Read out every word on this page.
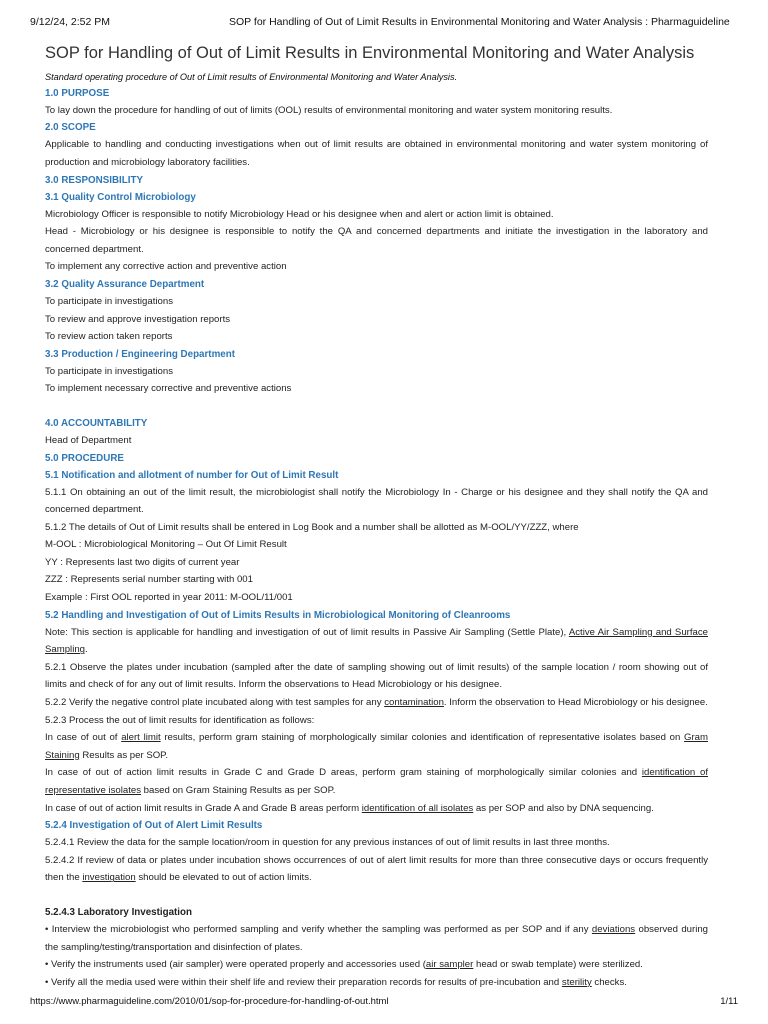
9/12/24, 2:52 PM	SOP for Handling of Out of Limit Results in Environmental Monitoring and Water Analysis : Pharmaguideline
SOP for Handling of Out of Limit Results in Environmental Monitoring and Water Analysis
Standard operating procedure of Out of Limit results of Environmental Monitoring and Water Analysis.
1.0 PURPOSE

To lay down the procedure for handling of out of limits (OOL) results of environmental monitoring and water system monitoring results.

2.0 SCOPE

Applicable to handling and conducting investigations when out of limit results are obtained in environmental monitoring and water system monitoring of production and microbiology laboratory facilities.

3.0 RESPONSIBILITY
3.1 Quality Control Microbiology

Microbiology Officer is responsible to notify Microbiology Head or his designee when and alert or action limit is obtained.

Head - Microbiology or his designee is responsible to notify the QA and concerned departments and initiate the investigation in the laboratory and concerned department.

To implement any corrective action and preventive action

3.2 Quality Assurance Department

To participate in investigations

To review and approve investigation reports

To review action taken reports

3.3 Production / Engineering Department

To participate in investigations

To implement necessary corrective and preventive actions

4.0 ACCOUNTABILITY

Head of Department

5.0 PROCEDURE
5.1 Notification and allotment of number for Out of Limit Result

5.1.1 On obtaining an out of the limit result, the microbiologist shall notify the Microbiology In - Charge or his designee and they shall notify the QA and concerned department.

5.1.2 The details of Out of Limit results shall be entered in Log Book and a number shall be allotted as M-OOL/YY/ZZZ, where

M-OOL : Microbiological Monitoring – Out Of Limit Result

YY : Represents last two digits of current year

ZZZ : Represents serial number starting with 001

Example : First OOL reported in year 2011: M-OOL/11/001

5.2 Handling and Investigation of Out of Limits Results in Microbiological Monitoring of Cleanrooms

Note: This section is applicable for handling and investigation of out of limit results in Passive Air Sampling (Settle Plate), Active Air Sampling and Surface Sampling.

5.2.1 Observe the plates under incubation (sampled after the date of sampling showing out of limit results) of the sample location / room showing out of limits and check of for any out of limit results. Inform the observations to Head Microbiology or his designee.

5.2.2 Verify the negative control plate incubated along with test samples for any contamination. Inform the observation to Head Microbiology or his designee.

5.2.3 Process the out of limit results for identification as follows:

In case of out of alert limit results, perform gram staining of morphologically similar colonies and identification of representative isolates based on Gram Staining Results as per SOP.

In case of out of action limit results in Grade C and Grade D areas, perform gram staining of morphologically similar colonies and identification of representative isolates based on Gram Staining Results as per SOP.

In case of out of action limit results in Grade A and Grade B areas perform identification of all isolates as per SOP and also by DNA sequencing.

5.2.4 Investigation of Out of Alert Limit Results

5.2.4.1 Review the data for the sample location/room in question for any previous instances of out of limit results in last three months.

5.2.4.2 If review of data or plates under incubation shows occurrences of out of alert limit results for more than three consecutive days or occurs frequently then the investigation should be elevated to out of action limits.

5.2.4.3 Laboratory Investigation

• Interview the microbiologist who performed sampling and verify whether the sampling was performed as per SOP and if any deviations observed during the sampling/testing/transportation and disinfection of plates.

• Verify the instruments used (air sampler) were operated properly and accessories used (air sampler head or swab template) were sterilized.

• Verify all the media used were within their shelf life and review their preparation records for results of pre-incubation and sterility checks.

https://www.pharmaguideline.com/2010/01/sop-for-procedure-for-handling-of-out.html	1/11
